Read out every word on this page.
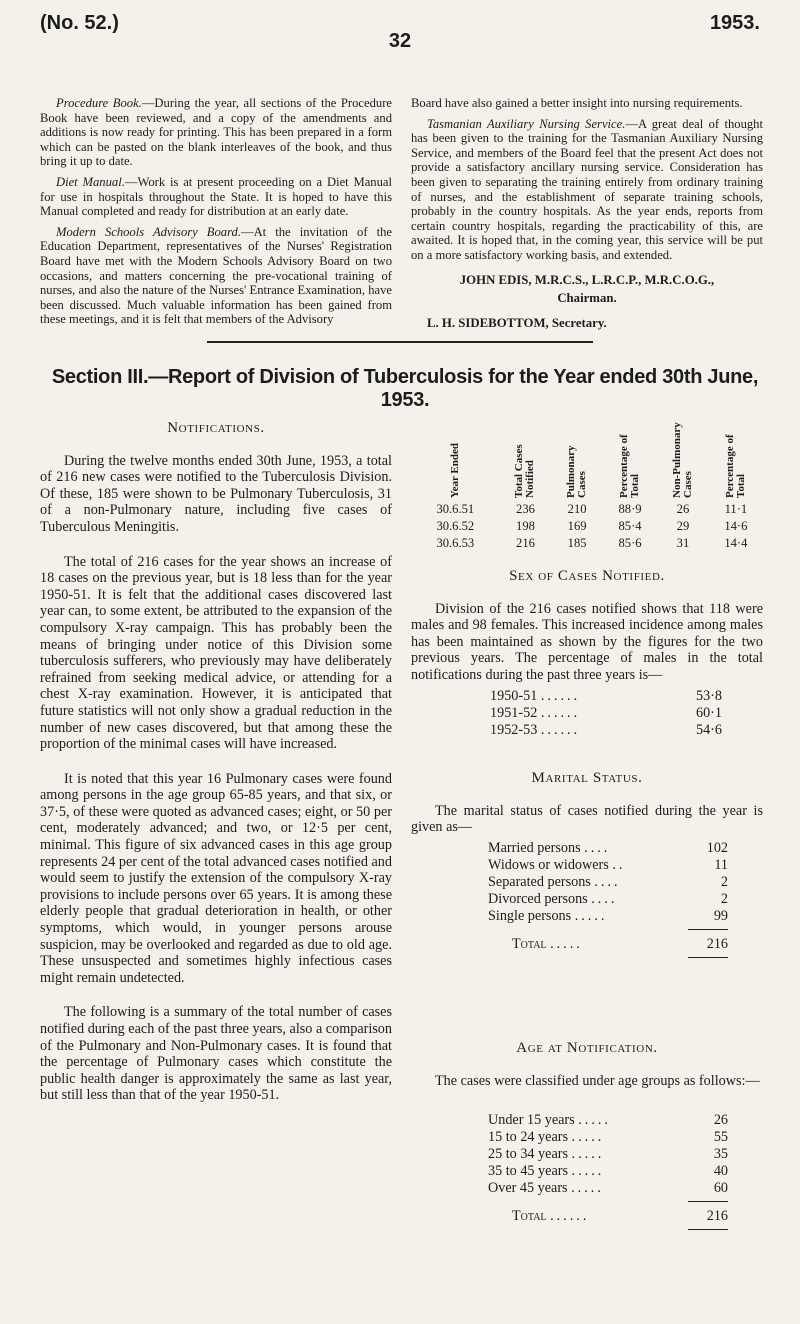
(No. 52.)
32
1953.

Procedure Book.—During the year, all sections of the Procedure Book have been reviewed, and a copy of the amendments and additions is now ready for printing. This has been prepared in a form which can be pasted on the blank interleaves of the book, and thus bring it up to date.

Diet Manual.—Work is at present proceeding on a Diet Manual for use in hospitals throughout the State. It is hoped to have this Manual completed and ready for distribution at an early date.

Modern Schools Advisory Board.—At the invitation of the Education Department, representatives of the Nurses' Registration Board have met with the Modern Schools Advisory Board on two occasions, and matters concerning the pre-vocational training of nurses, and also the nature of the Nurses' Entrance Examination, have been discussed. Much valuable information has been gained from these meetings, and it is felt that members of the Advisory

Board have also gained a better insight into nursing requirements.

Tasmanian Auxiliary Nursing Service.—A great deal of thought has been given to the training for the Tasmanian Auxiliary Nursing Service, and members of the Board feel that the present Act does not provide a satisfactory ancillary nursing service. Consideration has been given to separating the training entirely from ordinary training of nurses, and the establishment of separate training schools, probably in the country hospitals. As the year ends, reports from certain country hospitals, regarding the practicability of this, are awaited. It is hoped that, in the coming year, this service will be put on a more satisfactory working basis, and extended.

JOHN EDIS, M.R.C.S., L.R.C.P., M.R.C.O.G.,
Chairman.
L. H. SIDEBOTTOM, Secretary.
Section III.—Report of Division of Tuberculosis for the Year ended 30th June, 1953.
Notifications.

During the twelve months ended 30th June, 1953, a total of 216 new cases were notified to the Tuberculosis Division. Of these, 185 were shown to be Pulmonary Tuberculosis, 31 of a non-Pulmonary nature, including five cases of Tuberculous Meningitis.

The total of 216 cases for the year shows an increase of 18 cases on the previous year, but is 18 less than for the year 1950-51. It is felt that the additional cases discovered last year can, to some extent, be attributed to the expansion of the compulsory X-ray campaign. This has probably been the means of bringing under notice of this Division some tuberculosis sufferers, who previously may have deliberately refrained from seeking medical advice, or attending for a chest X-ray examination. However, it is anticipated that future statistics will not only show a gradual reduction in the number of new cases discovered, but that among these the proportion of the minimal cases will have increased.

It is noted that this year 16 Pulmonary cases were found among persons in the age group 65-85 years, and that six, or 37·5, of these were quoted as advanced cases; eight, or 50 per cent, moderately advanced; and two, or 12·5 per cent, minimal. This figure of six advanced cases in this age group represents 24 per cent of the total advanced cases notified and would seem to justify the extension of the compulsory X-ray provisions to include persons over 65 years. It is among these elderly people that gradual deterioration in health, or other symptoms, which would, in younger persons arouse suspicion, may be overlooked and regarded as due to old age. These unsuspected and sometimes highly infectious cases might remain undetected.

The following is a summary of the total number of cases notified during each of the past three years, also a comparison of the Pulmonary and Non-Pulmonary cases. It is found that the percentage of Pulmonary cases which constitute the public health danger is approximately the same as last year, but still less than that of the year 1950-51.

Year Ended	Total Cases Notified	Pulmonary Cases	Percentage of Total	Non-Pulmonary Cases	Percentage of Total
30.6.51	236	210	88·9	26	11·1
30.6.52	198	169	85·4	29	14·6
30.6.53	216	185	85·6	31	14·4
Sex of Cases Notified.

Division of the 216 cases notified shows that 118 were males and 98 females. This increased incidence among males has been maintained as shown by the figures for the two previous years. The percentage of males in the total notifications during the past three years is—

1950-51 ......	53·8
1951-52 ......	60·1
1952-53 ......	54·6
Marital Status.

The marital status of cases notified during the year is given as—

Married persons ....	102
Widows or widowers ..	11
Separated persons ....	2
Divorced persons ....	2
Single persons .....	99
Total .....	216
Age at Notification.

The cases were classified under age groups as follows:—

Under 15 years .....	26
15 to 24 years .....	55
25 to 34 years .....	35
35 to 45 years .....	40
Over 45 years .....	60
Total ......	216
